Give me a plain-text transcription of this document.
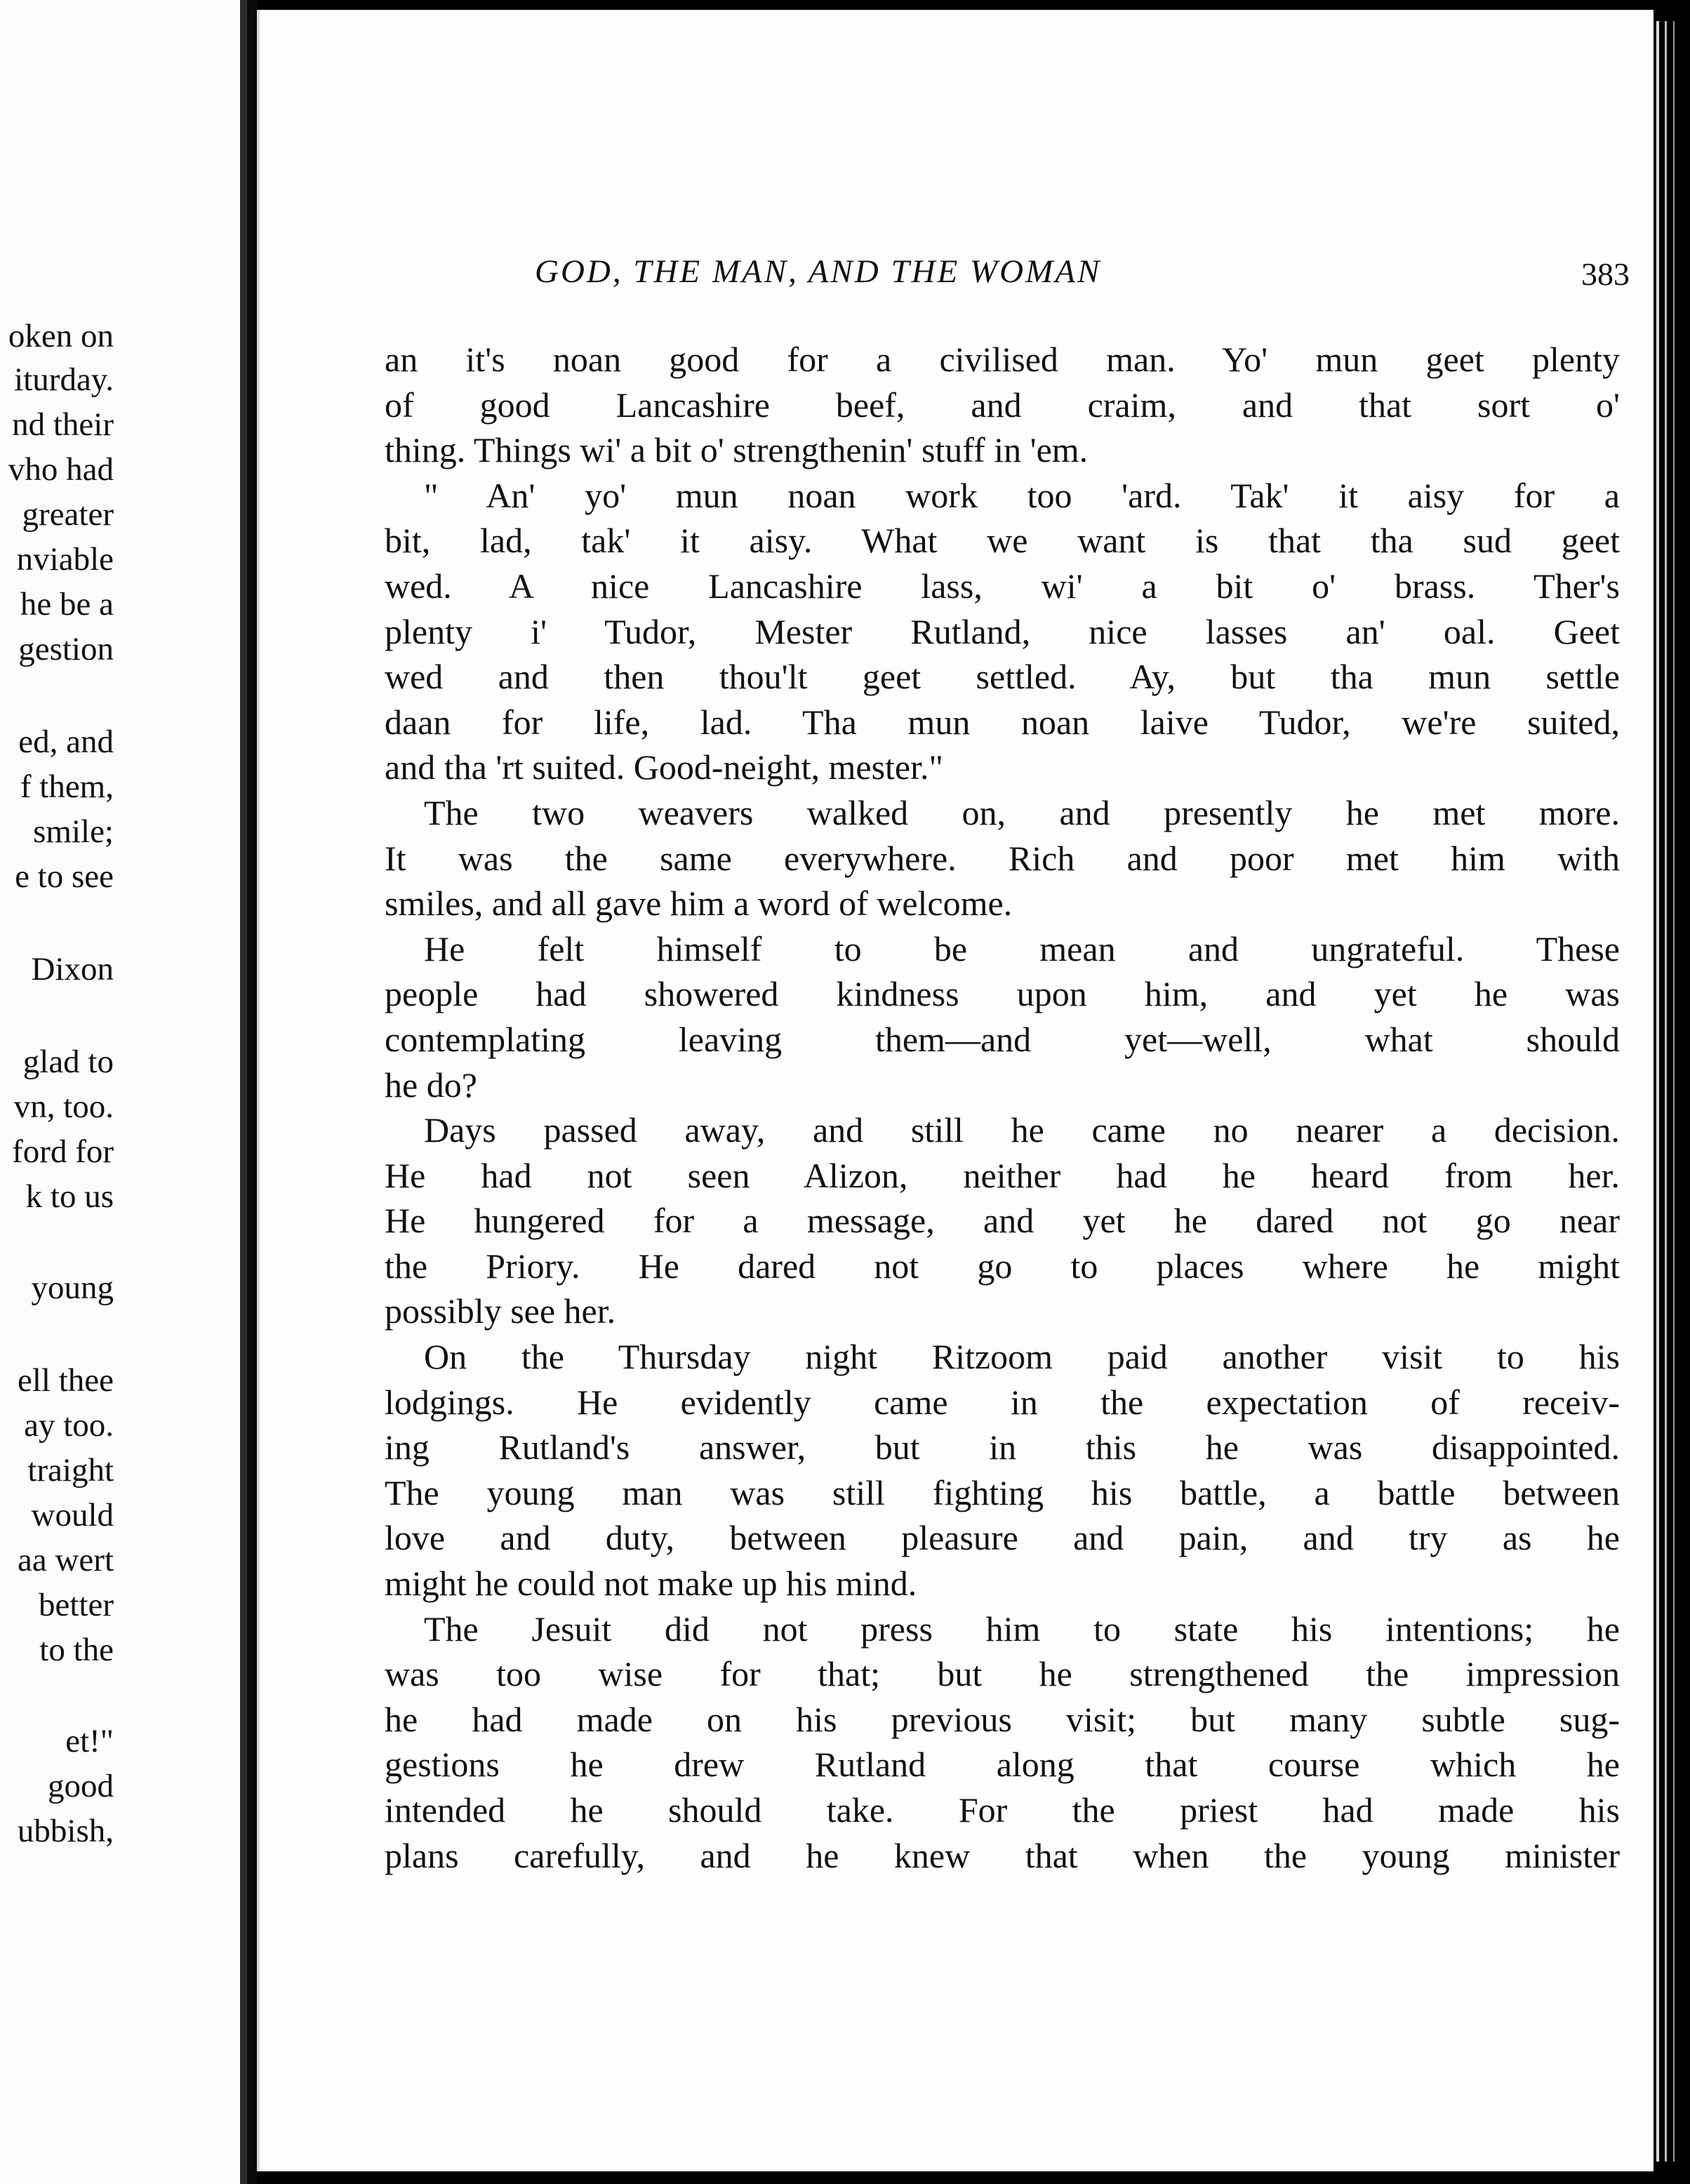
oken on
iturday.
nd their
vho had
greater
nviable
he be a
gestion
ed, and
f them,
smile;
e to see
Dixon
glad to
vn, too.
ford for
k to us
young
ell thee
ay too.
traight
would
aa wert
better
to the
et!"
good
ubbish,
GOD, THE MAN, AND THE WOMAN	383
an it's noan good for a civilised man. Yo' mun geet plenty
of good Lancashire beef, and craim, and that sort o'
thing. Things wi' a bit o' strengthenin' stuff in 'em.
" An' yo' mun noan work too 'ard. Tak' it aisy for a
bit, lad, tak' it aisy. What we want is that tha sud geet
wed. A nice Lancashire lass, wi' a bit o' brass. Ther's
plenty i' Tudor, Mester Rutland, nice lasses an' oal. Geet
wed and then thou'lt geet settled. Ay, but tha mun settle
daan for life, lad. Tha mun noan laive Tudor, we're suited,
and tha 'rt suited. Good-neight, mester."
The two weavers walked on, and presently he met more.
It was the same everywhere. Rich and poor met him with
smiles, and all gave him a word of welcome.
He felt himself to be mean and ungrateful. These
people had showered kindness upon him, and yet he was
contemplating leaving them—and yet—well, what should
he do?
Days passed away, and still he came no nearer a decision.
He had not seen Alizon, neither had he heard from her.
He hungered for a message, and yet he dared not go near
the Priory. He dared not go to places where he might
possibly see her.
On the Thursday night Ritzoom paid another visit to his
lodgings. He evidently came in the expectation of receiv-
ing Rutland's answer, but in this he was disappointed.
The young man was still fighting his battle, a battle between
love and duty, between pleasure and pain, and try as he
might he could not make up his mind.
The Jesuit did not press him to state his intentions; he
was too wise for that; but he strengthened the impression
he had made on his previous visit; but many subtle sug-
gestions he drew Rutland along that course which he
intended he should take. For the priest had made his
plans carefully, and he knew that when the young minister
